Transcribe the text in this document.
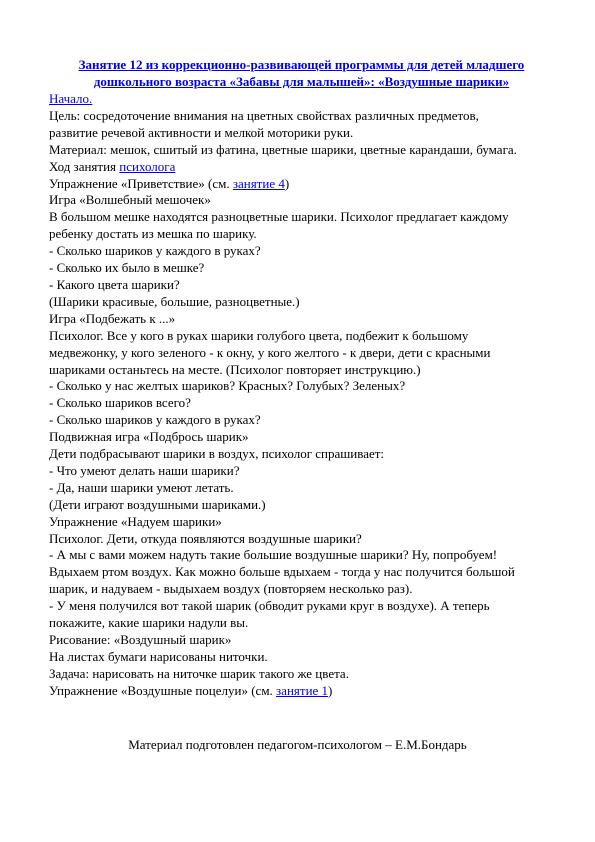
Занятие 12 из коррекционно-развивающей программы для детей младшего
дошкольного возраста «Забавы для малышей»: «Воздушные шарики»
Начало.
Цель: сосредоточение внимания на цветных свойствах различных предметов,
развитие речевой активности и мелкой моторики руки.
Материал: мешок, сшитый из фатина, цветные шарики, цветные карандаши, бумага.
Ход занятия психолога
Упражнение «Приветствие» (см. занятие 4)
Игра «Волшебный мешочек»
В большом мешке находятся разноцветные шарики. Психолог предлагает каждому
ребенку достать из мешка по шарику.
- Сколько шариков у каждого в руках?
- Сколько их было в мешке?
- Какого цвета шарики?
(Шарики красивые, большие, разноцветные.)
Игра «Подбежать к ...»
Психолог. Все у кого в руках шарики голубого цвета, подбежит к большому
медвежонку, у кого зеленого - к окну, у кого желтого - к двери, дети с красными
шариками останьтесь на месте. (Психолог повторяет инструкцию.)
- Сколько у нас желтых шариков? Красных? Голубых? Зеленых?
- Сколько шариков всего?
- Сколько шариков у каждого в руках?
Подвижная игра «Подбрось шарик»
Дети подбрасывают шарики в воздух, психолог спрашивает:
- Что умеют делать наши шарики?
- Да, наши шарики умеют летать.
(Дети играют воздушными шариками.)
Упражнение «Надуем шарики»
Психолог. Дети, откуда появляются воздушные шарики?
- А мы с вами можем надуть такие большие воздушные шарики? Ну, попробуем!
Вдыхаем ртом воздух. Как можно больше вдыхаем - тогда у нас получится большой
шарик, и надуваем - выдыхаем воздух (повторяем несколько раз).
- У меня получился вот такой шарик (обводит руками круг в воздухе). А теперь
покажите, какие шарики надули вы.
Рисование: «Воздушный шарик»
На листах бумаги нарисованы ниточки.
Задача: нарисовать на ниточке шарик такого же цвета.
Упражнение «Воздушные поцелуи» (см. занятие 1)
Материал подготовлен педагогом-психологом – Е.М.Бондарь
